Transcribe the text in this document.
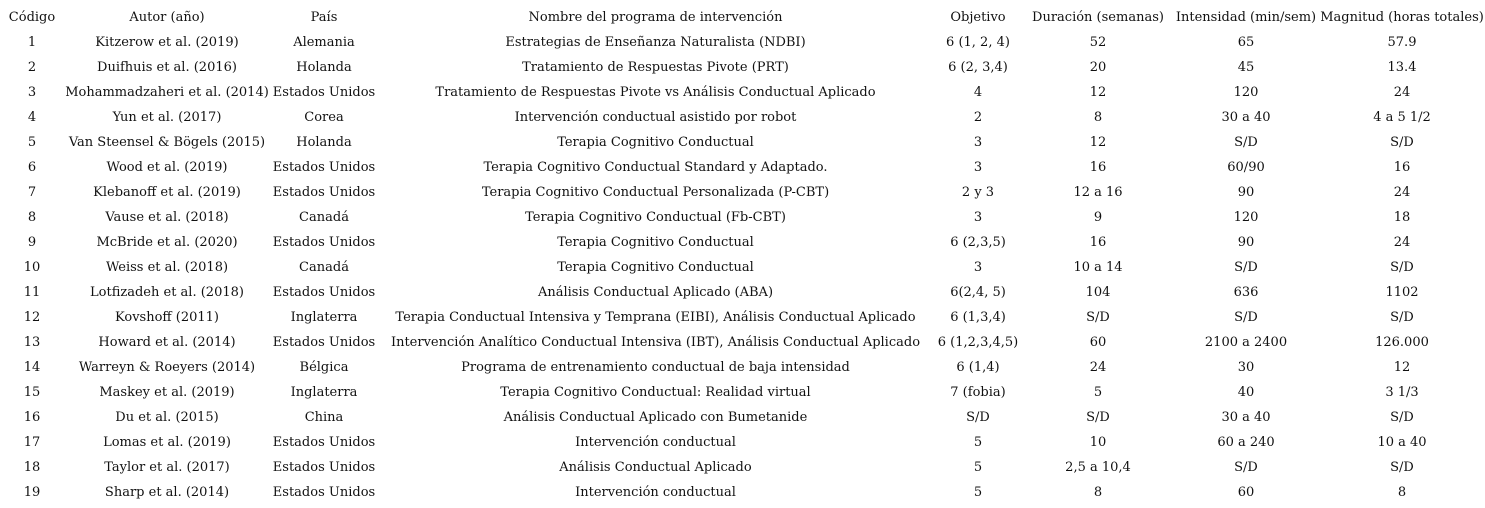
Código	Autor (año)	País	Nombre del programa de intervención	Objetivo	Duración (semanas)	Intensidad (min/sem)	Magnitud (horas totales)
1	Kitzerow et al. (2019)	Alemania	Estrategias de Enseñanza Naturalista (NDBI)	6 (1, 2, 4)	52	65	57.9
2	Duifhuis et al. (2016)	Holanda	Tratamiento de Respuestas Pivote (PRT)	6 (2, 3,4)	20	45	13.4
3	Mohammadzaheri et al. (2014)	Estados Unidos	Tratamiento de Respuestas Pivote vs Análisis Conductual Aplicado	4	12	120	24
4	Yun et al. (2017)	Corea	Intervención conductual asistido por robot	2	8	30 a 40	4 a 5 1/2
5	Van Steensel & Bögels (2015)	Holanda	Terapia Cognitivo Conductual	3	12	S/D	S/D
6	Wood et al. (2019)	Estados Unidos	Terapia Cognitivo Conductual Standard y Adaptado.	3	16	60/90	16
7	Klebanoff et al. (2019)	Estados Unidos	Terapia Cognitivo Conductual Personalizada (P-CBT)	2 y 3	12 a 16	90	24
8	Vause et al. (2018)	Canadá	Terapia Cognitivo Conductual (Fb-CBT)	3	9	120	18
9	McBride et al. (2020)	Estados Unidos	Terapia Cognitivo Conductual	6 (2,3,5)	16	90	24
10	Weiss et al. (2018)	Canadá	Terapia Cognitivo Conductual	3	10 a 14	S/D	S/D
11	Lotfizadeh et al. (2018)	Estados Unidos	Análisis Conductual Aplicado (ABA)	6(2,4, 5)	104	636	1102
12	Kovshoff (2011)	Inglaterra	Terapia Conductual Intensiva y Temprana (EIBI), Análisis Conductual Aplicado	6 (1,3,4)	S/D	S/D	S/D
13	Howard et al. (2014)	Estados Unidos	Intervención Analítico Conductual Intensiva (IBT), Análisis Conductual Aplicado	6 (1,2,3,4,5)	60	2100 a 2400	126.000
14	Warreyn & Roeyers (2014)	Bélgica	Programa de entrenamiento conductual de baja intensidad	6 (1,4)	24	30	12
15	Maskey et al. (2019)	Inglaterra	Terapia Cognitivo Conductual: Realidad virtual	7 (fobia)	5	40	3 1/3
16	Du et al. (2015)	China	Análisis Conductual Aplicado con Bumetanide	S/D	S/D	30 a 40	S/D
17	Lomas et al. (2019)	Estados Unidos	Intervención conductual	5	10	60 a 240	10 a 40
18	Taylor et al. (2017)	Estados Unidos	Análisis Conductual Aplicado	5	2,5 a 10,4	S/D	S/D
19	Sharp et al. (2014)	Estados Unidos	Intervención conductual	5	8	60	8
